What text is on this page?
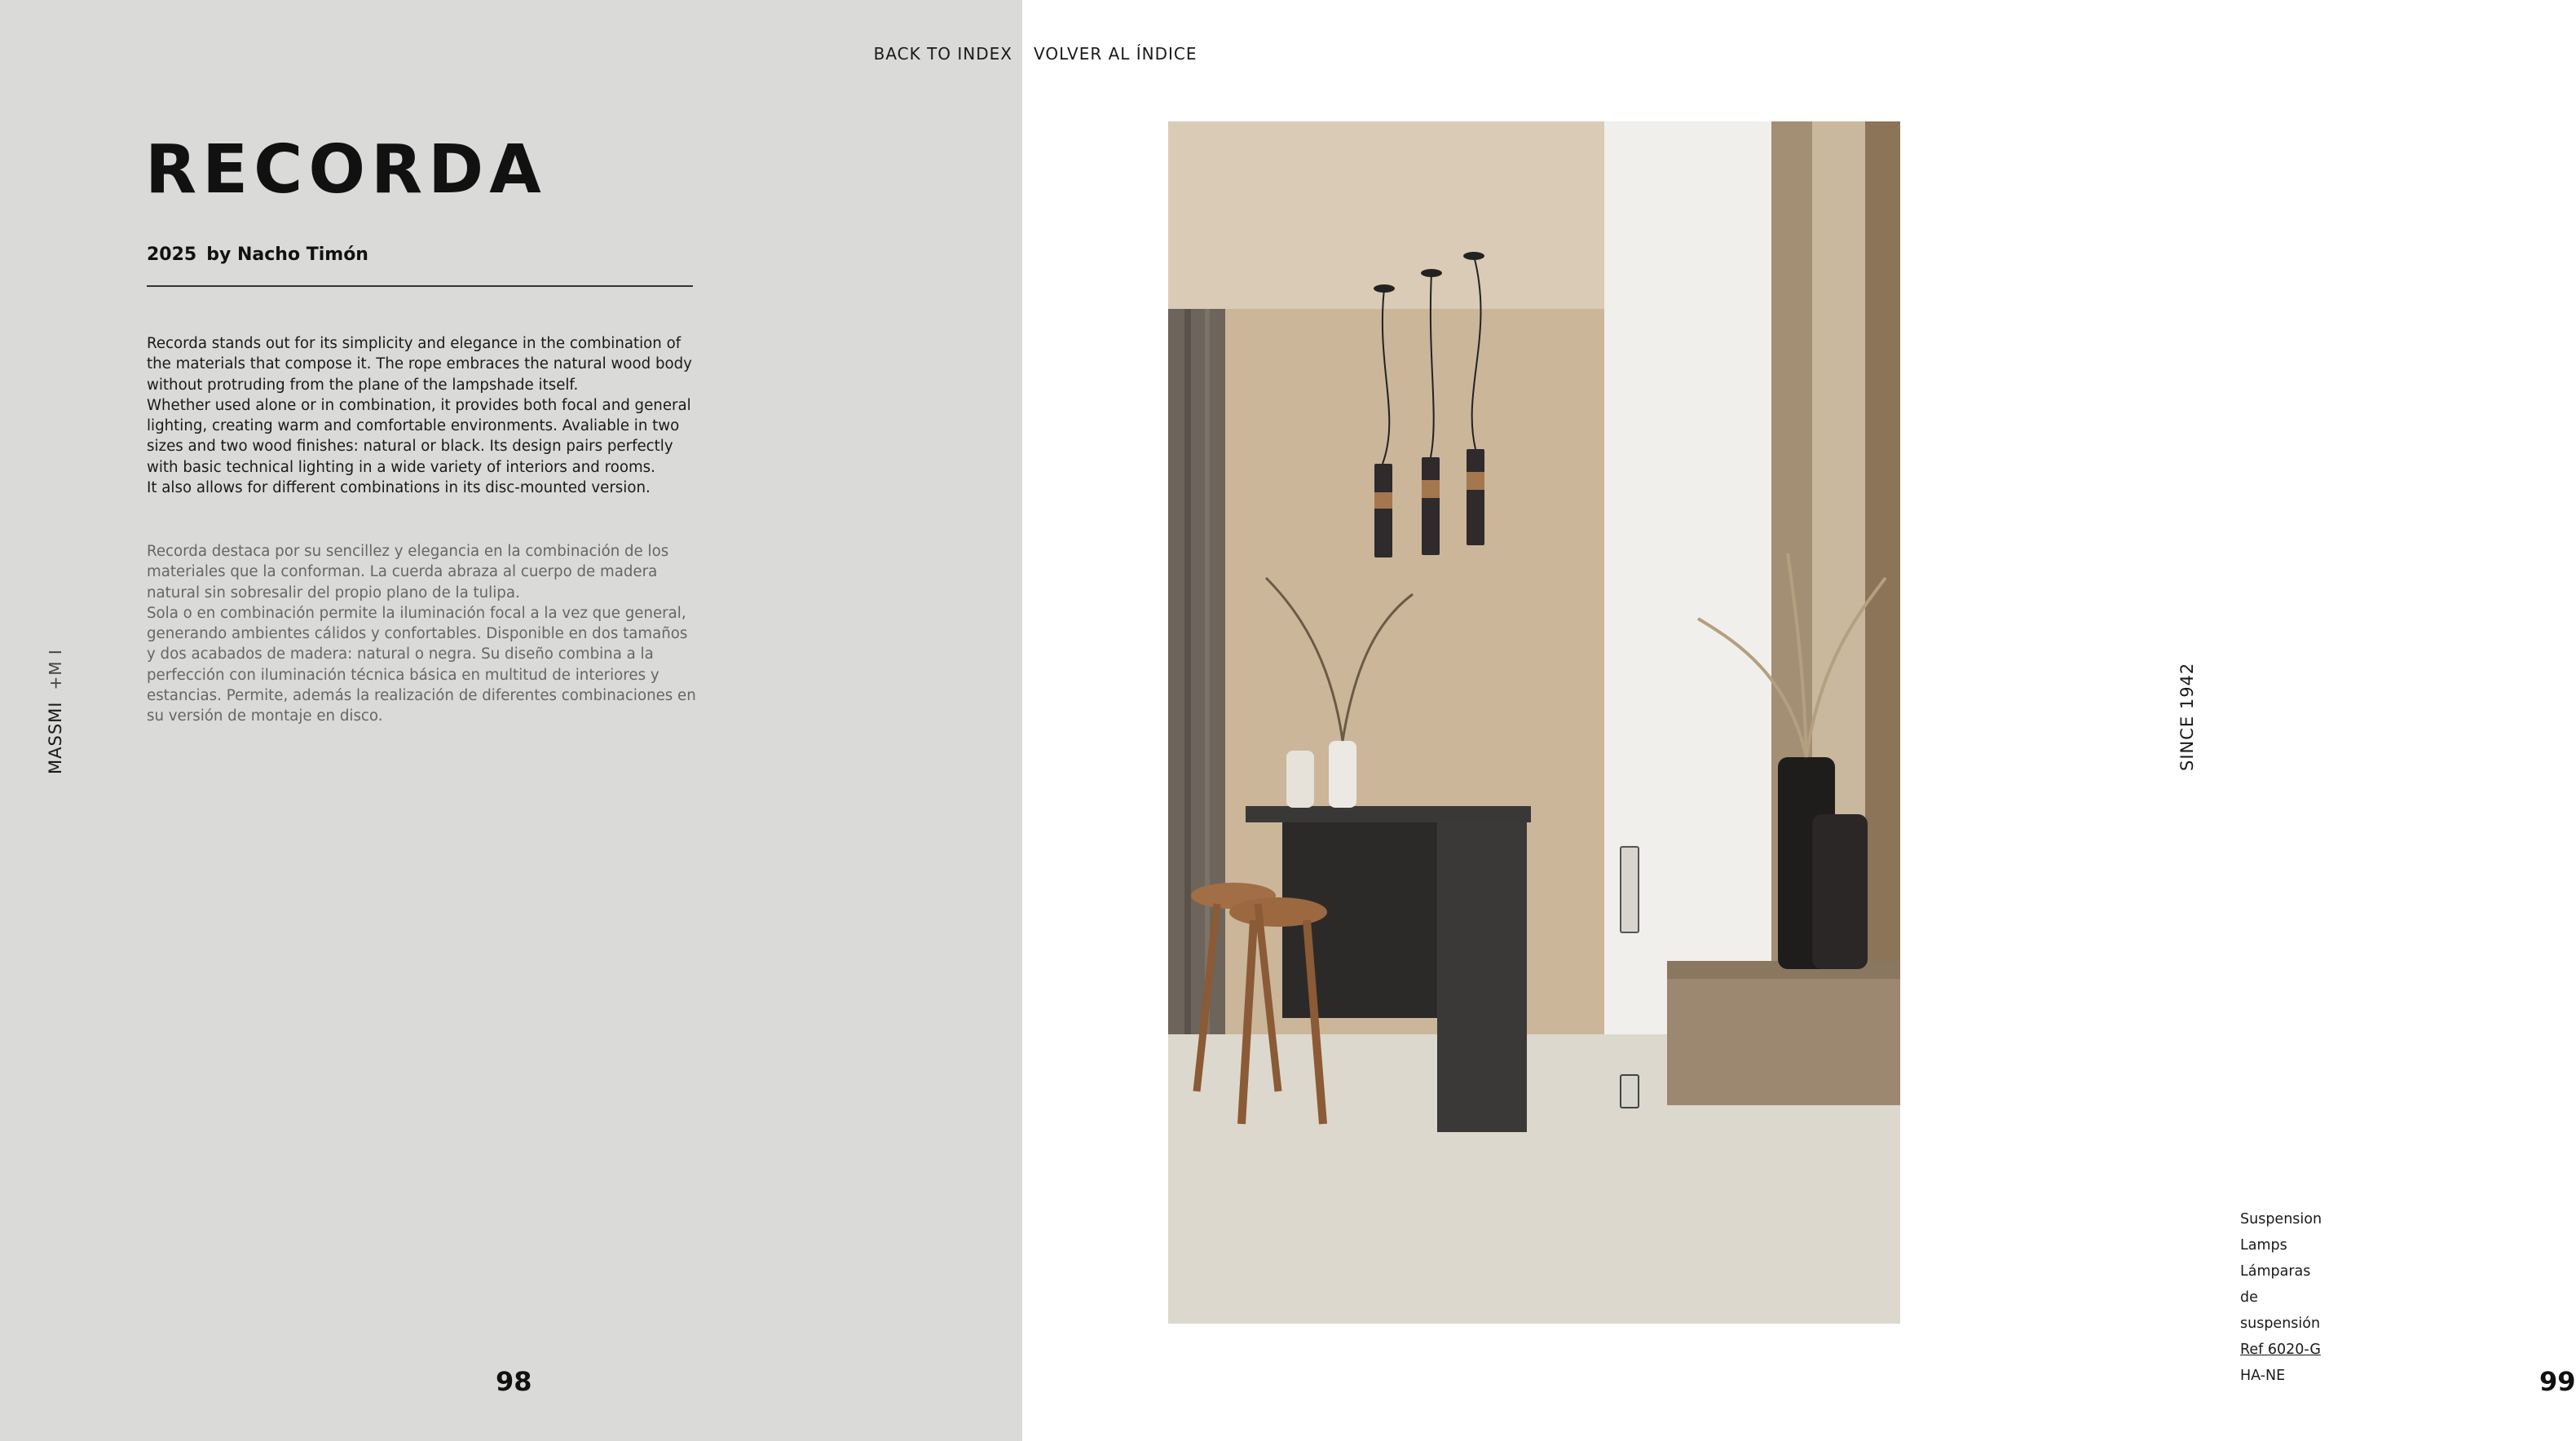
BACK TO INDEX
RECORDA
2025 by Nacho Timón

Recorda stands out for its simplicity and elegance in the combination of

the materials that compose it. The rope embraces the natural wood body

without protruding from the plane of the lampshade itself.

Whether used alone or in combination, it provides both focal and general

lighting, creating warm and comfortable environments. Avaliable in two

sizes and two wood finishes: natural or black. Its design pairs perfectly

with basic technical lighting in a wide variety of interiors and rooms.

It also allows for different combinations in its disc-mounted version.

Recorda destaca por su sencillez y elegancia en la combinación de los

materiales que la conforman. La cuerda abraza al cuerpo de madera

natural sin sobresalir del propio plano de la tulipa.

Sola o en combinación permite la iluminación focal a la vez que general,

generando ambientes cálidos y confortables. Disponible en dos tamaños

y dos acabados de madera: natural o negra. Su diseño combina a la

perfección con iluminación técnica básica en multitud de interiores y

estancias. Permite, además la realización de diferentes combinaciones en

su versión de montaje en disco.

MASSMI
+M I
98
VOLVER AL ÍNDICE
Suspension Lamps
Lámparas de suspensión
Ref 6020-G HA-NE
SINCE 1942
99
